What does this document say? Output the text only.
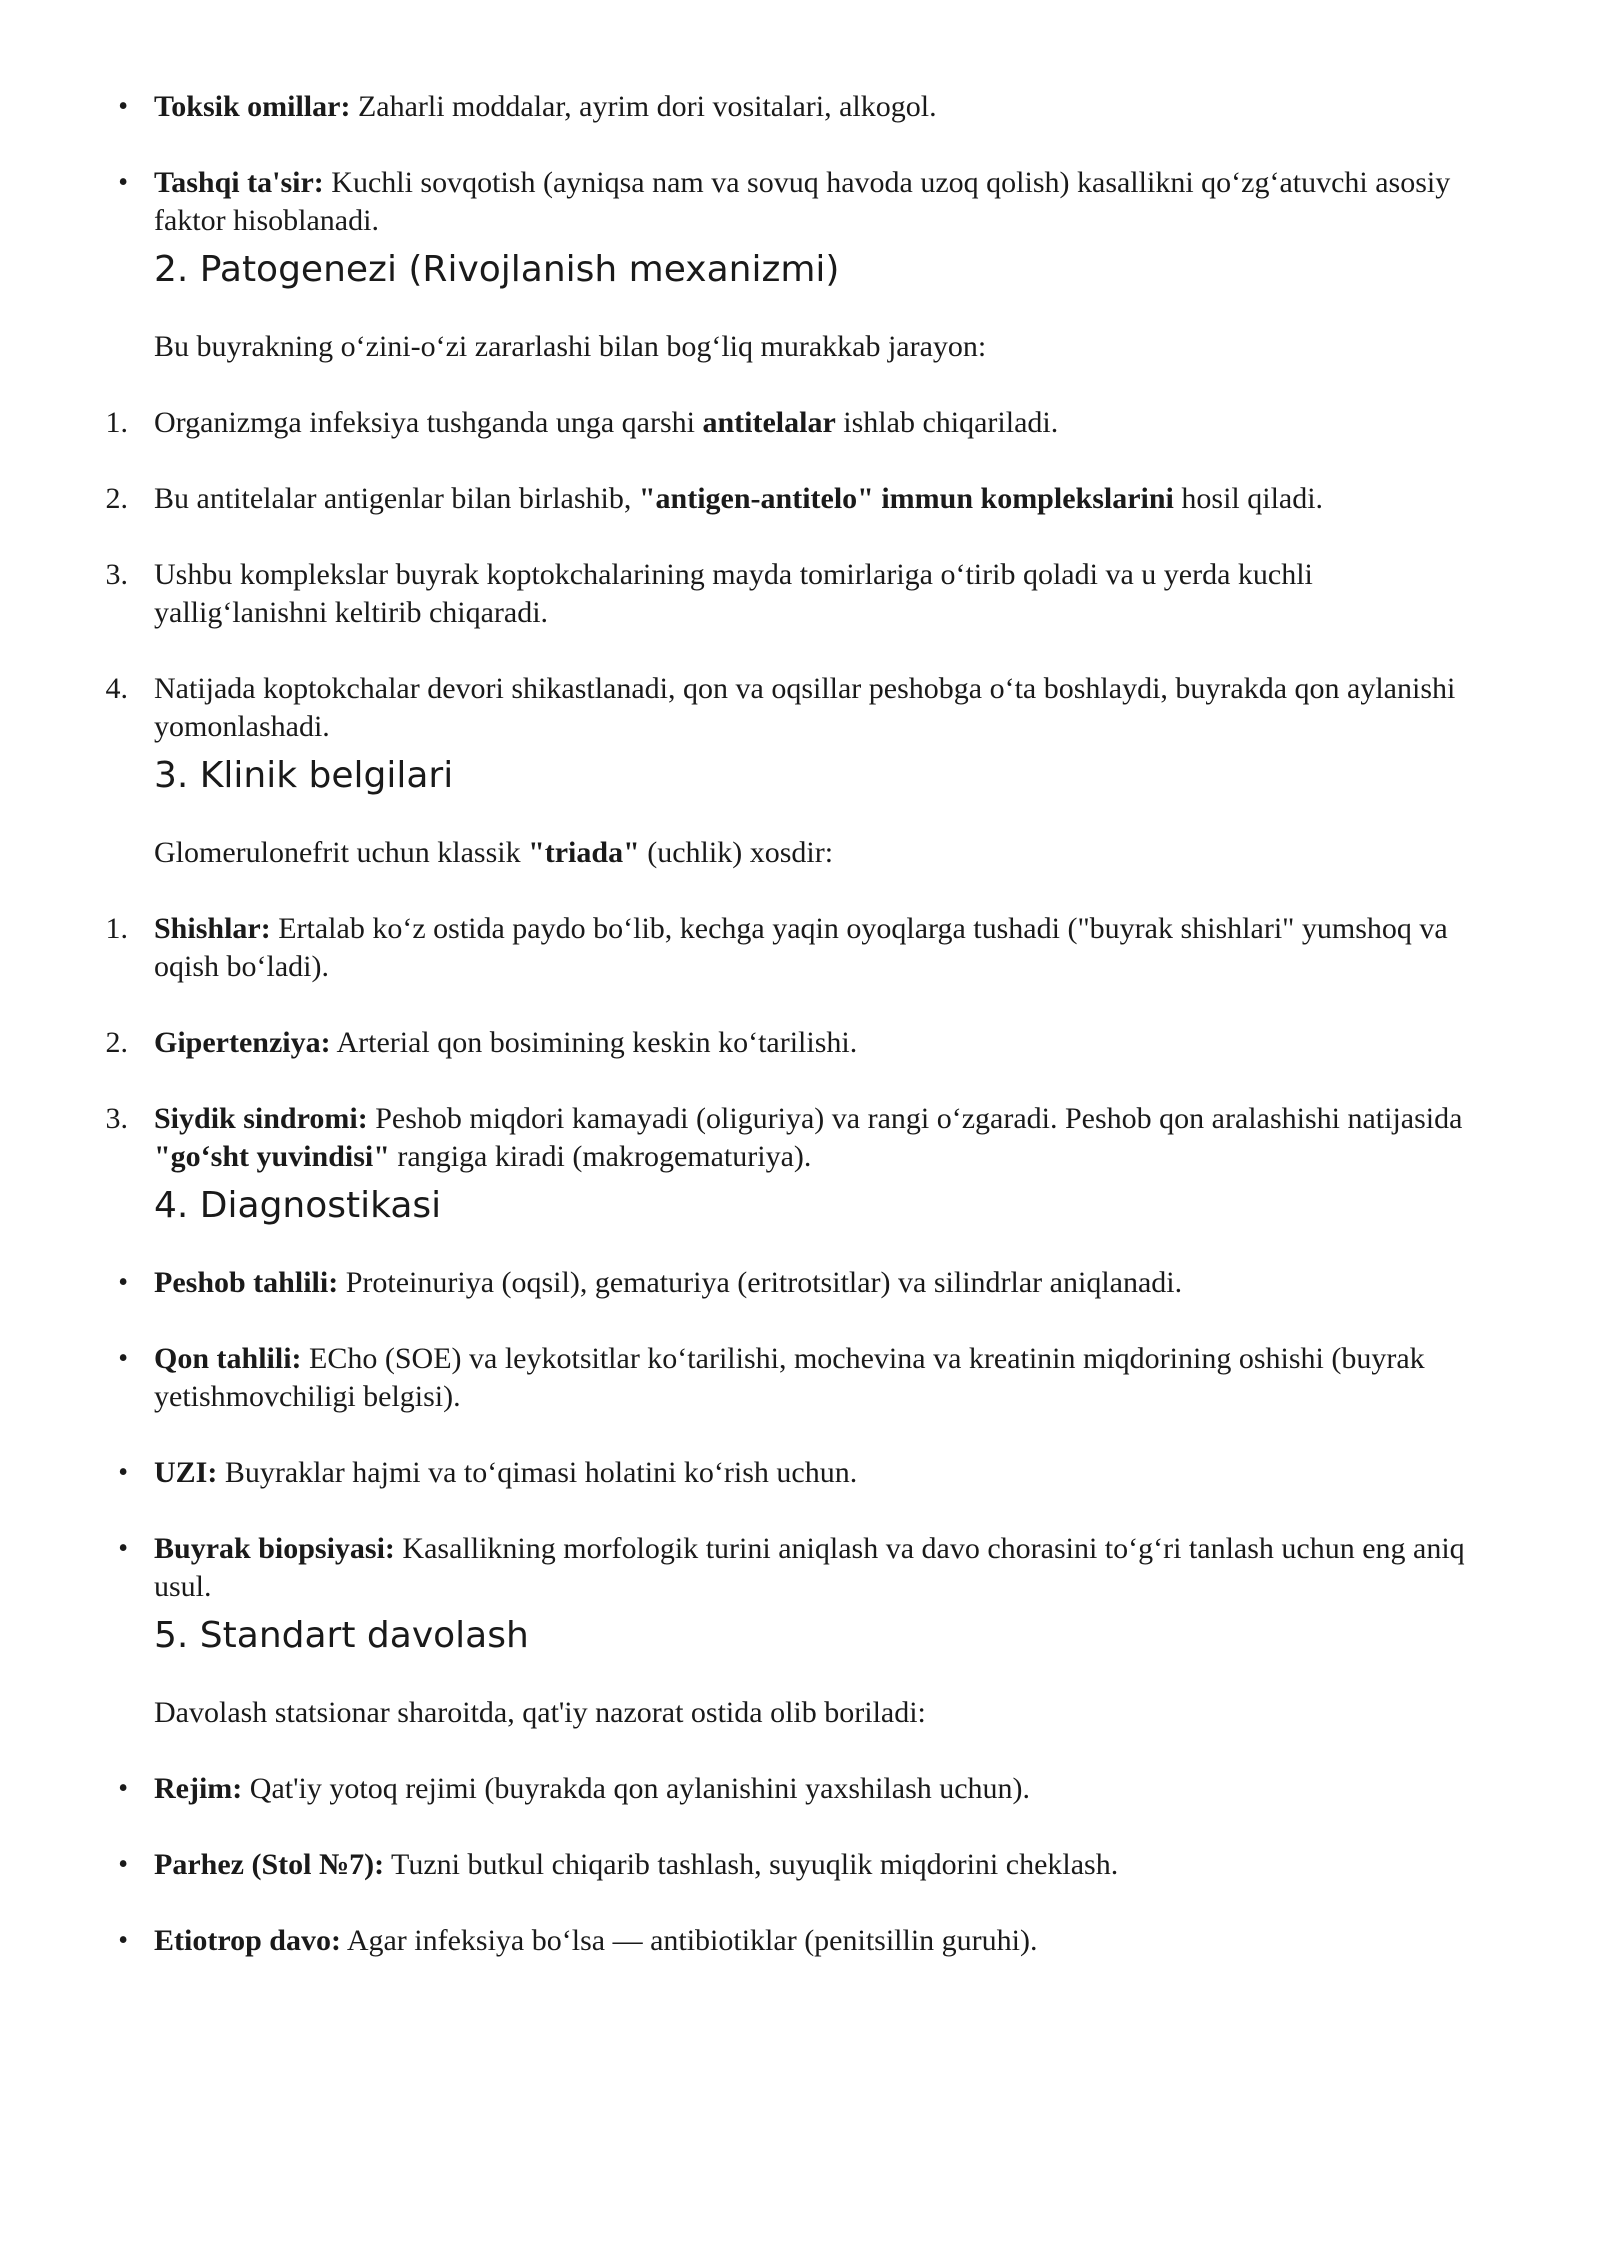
• Toksik omillar: Zaharli moddalar, ayrim dori vositalari, alkogol.
• Tashqi ta'sir: Kuchli sovqotish (ayniqsa nam va sovuq havoda uzoq qolish) kasallikni qo‘zg‘atuvchi asosiy faktor hisoblanadi.
2. Patogenezi (Rivojlanish mexanizmi)

Bu buyrakning o‘zini-o‘zi zararlashi bilan bog‘liq murakkab jarayon:

1. Organizmga infeksiya tushganda unga qarshi antitelalar ishlab chiqariladi.
2. Bu antitelalar antigenlar bilan birlashib, "antigen-antitelo" immun komplekslarini hosil qiladi.
3. Ushbu komplekslar buyrak koptokchalarining mayda tomirlariga o‘tirib qoladi va u yerda kuchli yallig‘lanishni keltirib chiqaradi.
4. Natijada koptokchalar devori shikastlanadi, qon va oqsillar peshobga o‘ta boshlaydi, buyrakda qon aylanishi yomonlashadi.
3. Klinik belgilari

Glomerulonefrit uchun klassik "triada" (uchlik) xosdir:

1. Shishlar: Ertalab ko‘z ostida paydo bo‘lib, kechga yaqin oyoqlarga tushadi ("buyrak shishlari" yumshoq va oqish bo‘ladi).
2. Gipertenziya: Arterial qon bosimining keskin ko‘tarilishi.
3. Siydik sindromi: Peshob miqdori kamayadi (oliguriya) va rangi o‘zgaradi. Peshob qon aralashishi natijasida "go‘sht yuvindisi" rangiga kiradi (makrogematuriya).
4. Diagnostikasi
• Peshob tahlili: Proteinuriya (oqsil), gematuriya (eritrotsitlar) va silindrlar aniqlanadi.
• Qon tahlili: ECho (SOE) va leykotsitlar ko‘tarilishi, mochevina va kreatinin miqdorining oshishi (buyrak yetishmovchiligi belgisi).
• UZI: Buyraklar hajmi va to‘qimasi holatini ko‘rish uchun.
• Buyrak biopsiyasi: Kasallikning morfologik turini aniqlash va davo chorasini to‘g‘ri tanlash uchun eng aniq usul.
5. Standart davolash

Davolash statsionar sharoitda, qat'iy nazorat ostida olib boriladi:

• Rejim: Qat'iy yotoq rejimi (buyrakda qon aylanishini yaxshilash uchun).
• Parhez (Stol №7): Tuzni butkul chiqarib tashlash, suyuqlik miqdorini cheklash.
• Etiotrop davo: Agar infeksiya bo‘lsa — antibiotiklar (penitsillin guruhi).
